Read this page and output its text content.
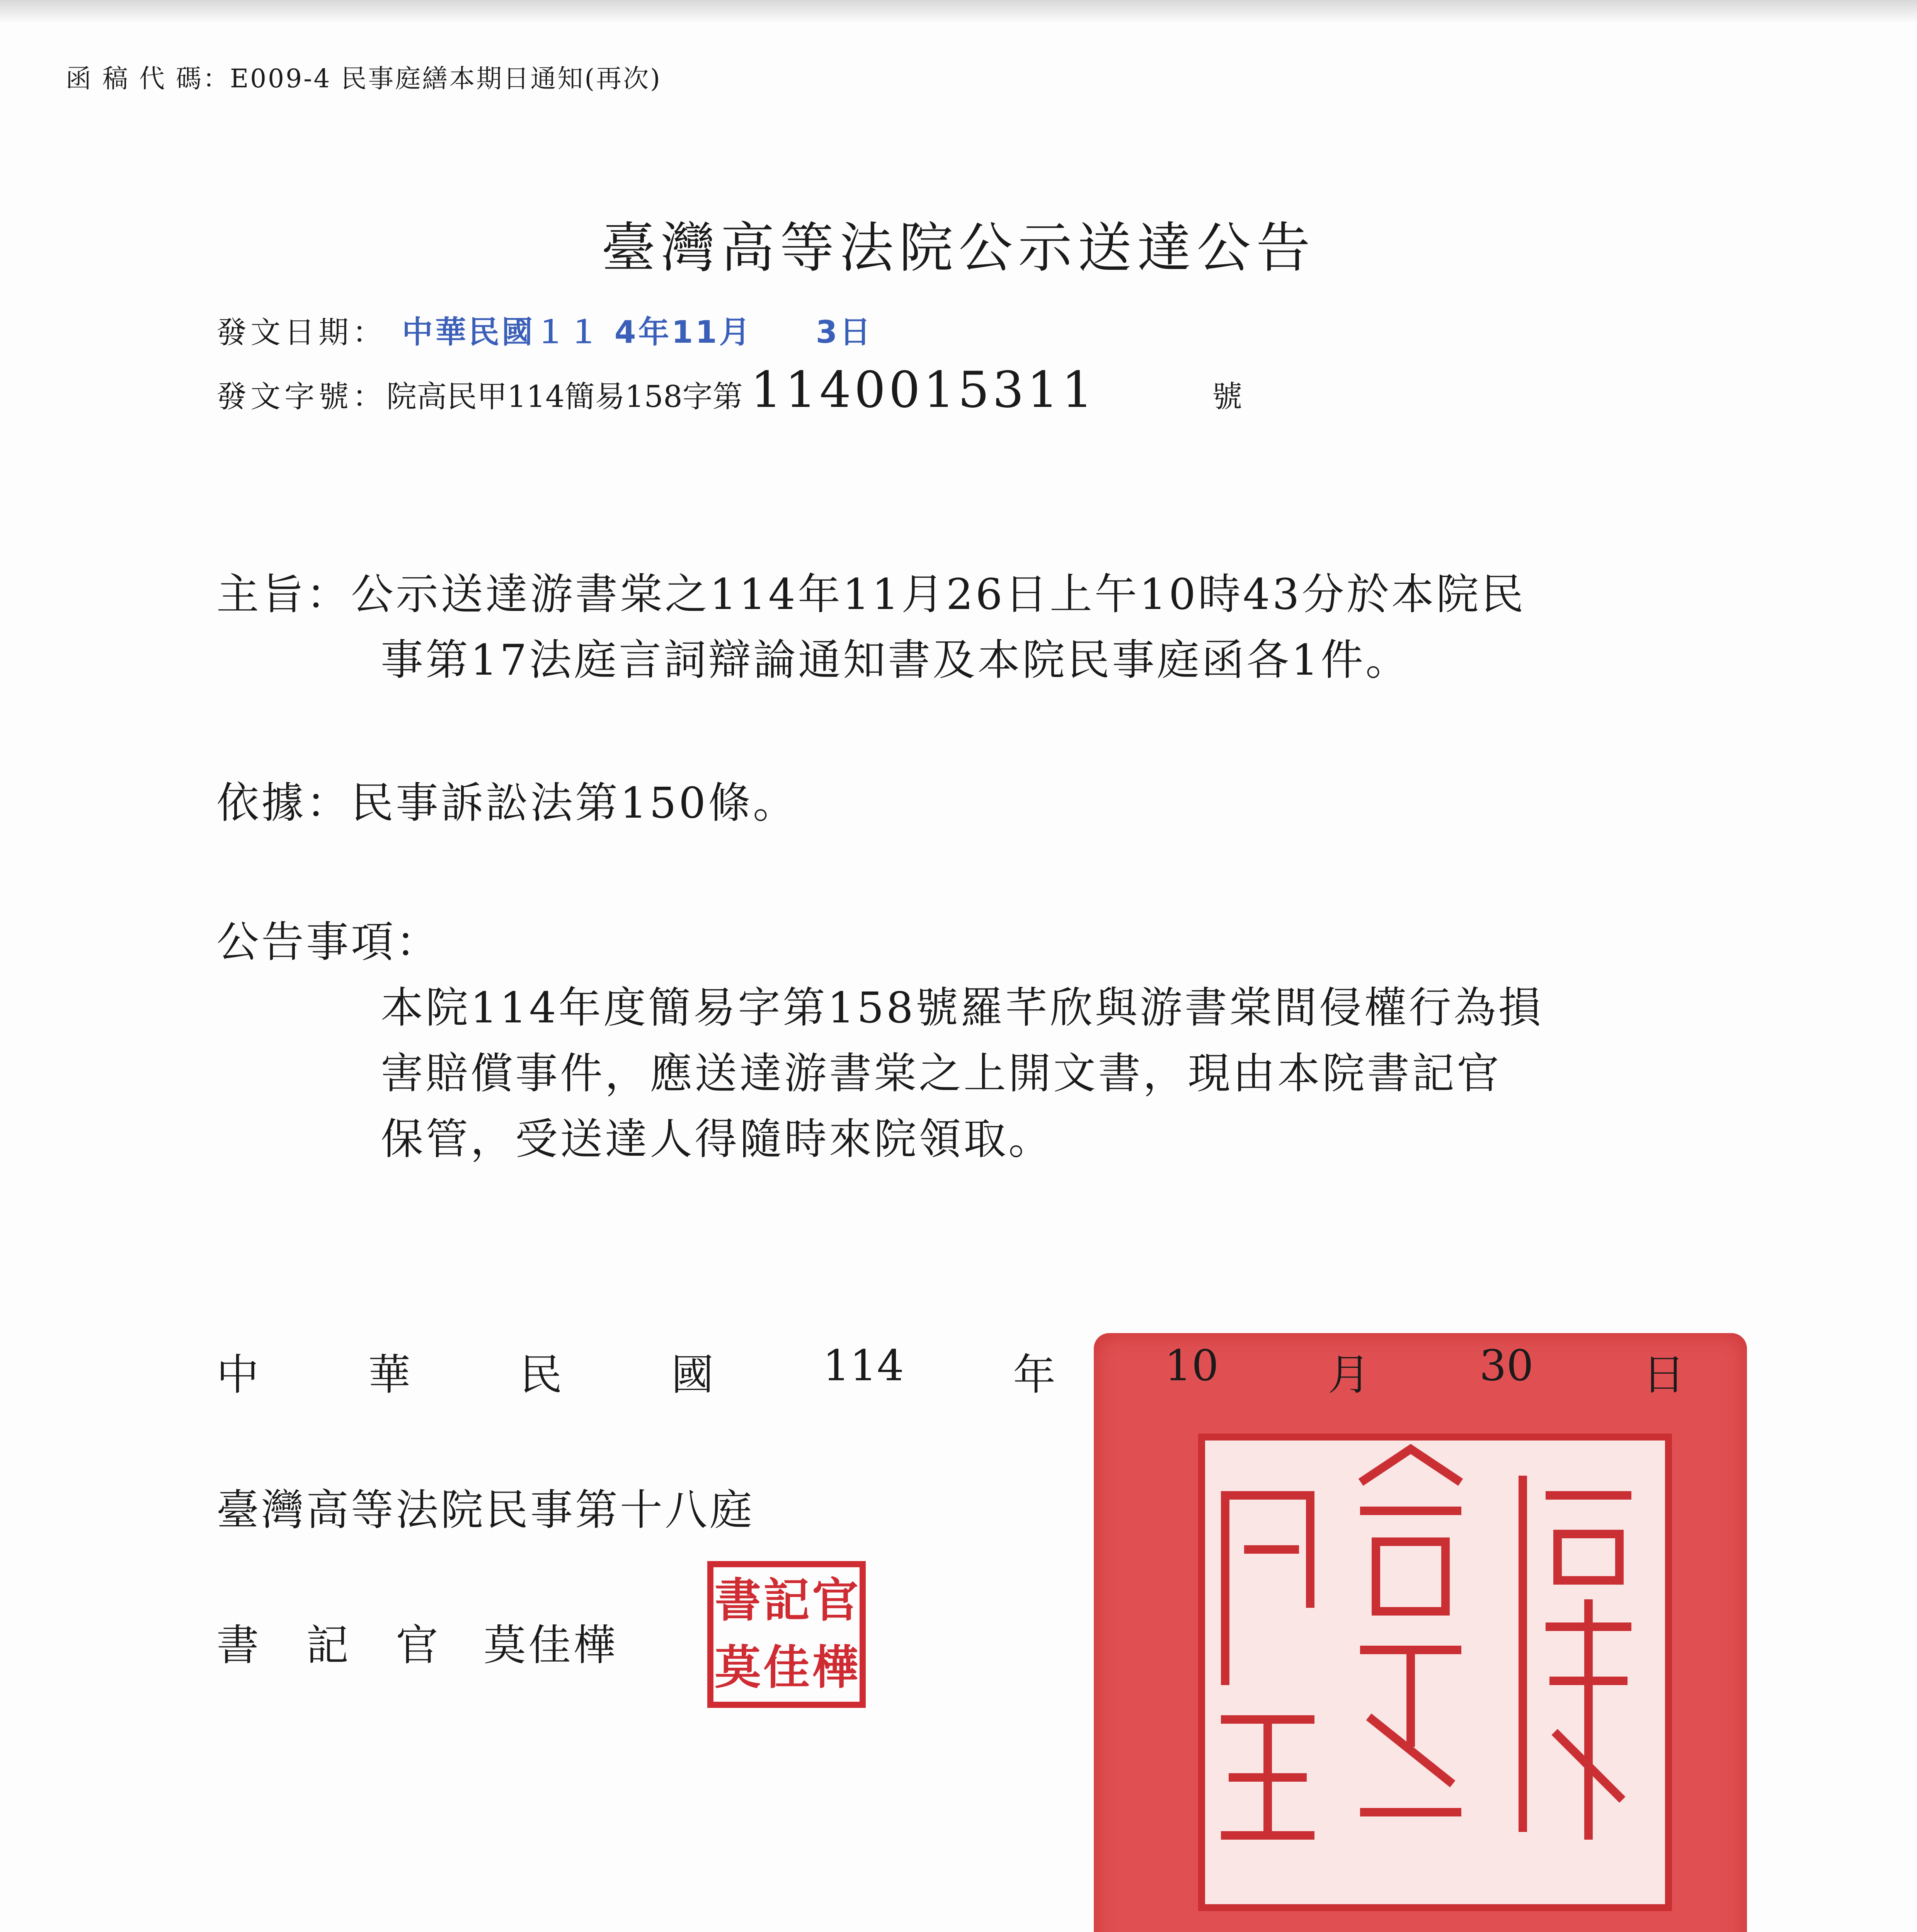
函 稿 代 碼：E009-4 民事庭繕本期日通知(再次)
臺灣高等法院公示送達公告
發文日期： 中華民國１１ 4年11月 3日
發文字號： 院高民甲114簡易158字第 1140015311	號
主旨：公示送達游書棠之114年11月26日上午10時43分於本院民
事第17法庭言詞辯論通知書及本院民事庭函各1件。
依據：民事訴訟法第150條。
公告事項：
本院114年度簡易字第158號羅芊欣與游書棠間侵權行為損
害賠償事件，應送達游書棠之上開文書，現由本院書記官
保管，受送達人得隨時來院領取。
中	華	民	國	114	年	10	月	30	日
臺灣高等法院民事第十八庭
書　記　官 莫佳樺
書 記 官
莫 佳 樺
